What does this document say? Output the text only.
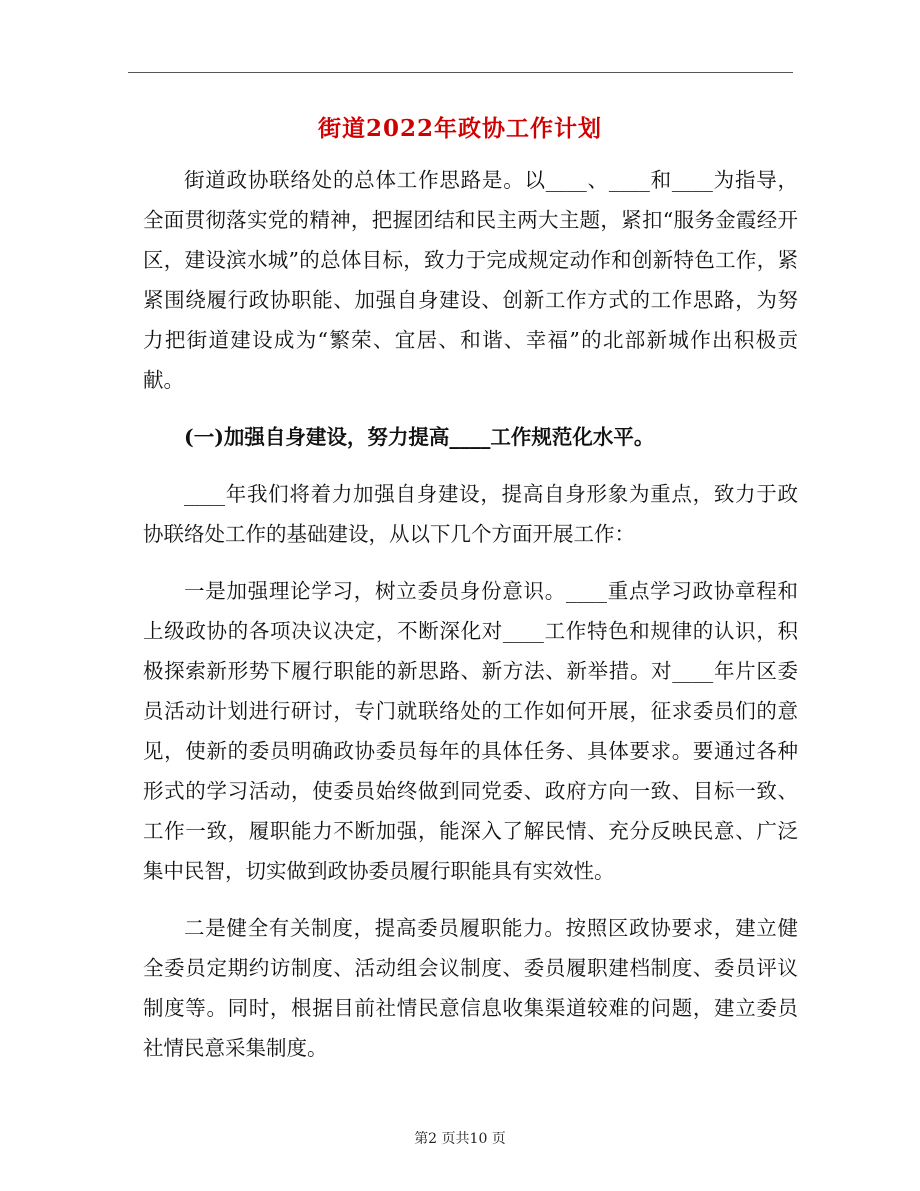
街道2022年政协工作计划

街道政协联络处的总体工作思路是。以____、____和____为指导，全面贯彻落实党的精神，把握团结和民主两大主题，紧扣“服务金霞经开区，建设滨水城”的总体目标，致力于完成规定动作和创新特色工作，紧紧围绕履行政协职能、加强自身建设、创新工作方式的工作思路，为努力把街道建设成为“繁荣、宜居、和谐、幸福”的北部新城作出积极贡献。

(一)加强自身建设，努力提高____工作规范化水平。

____年我们将着力加强自身建设，提高自身形象为重点，致力于政协联络处工作的基础建设，从以下几个方面开展工作：

一是加强理论学习，树立委员身份意识。____重点学习政协章程和上级政协的各项决议决定，不断深化对____工作特色和规律的认识，积极探索新形势下履行职能的新思路、新方法、新举措。对____年片区委员活动计划进行研讨，专门就联络处的工作如何开展，征求委员们的意见，使新的委员明确政协委员每年的具体任务、具体要求。要通过各种形式的学习活动，使委员始终做到同党委、政府方向一致、目标一致、工作一致，履职能力不断加强，能深入了解民情、充分反映民意、广泛集中民智，切实做到政协委员履行职能具有实效性。

二是健全有关制度，提高委员履职能力。按照区政协要求，建立健全委员定期约访制度、活动组会议制度、委员履职建档制度、委员评议制度等。同时，根据目前社情民意信息收集渠道较难的问题，建立委员社情民意采集制度。

第2 页共10 页
